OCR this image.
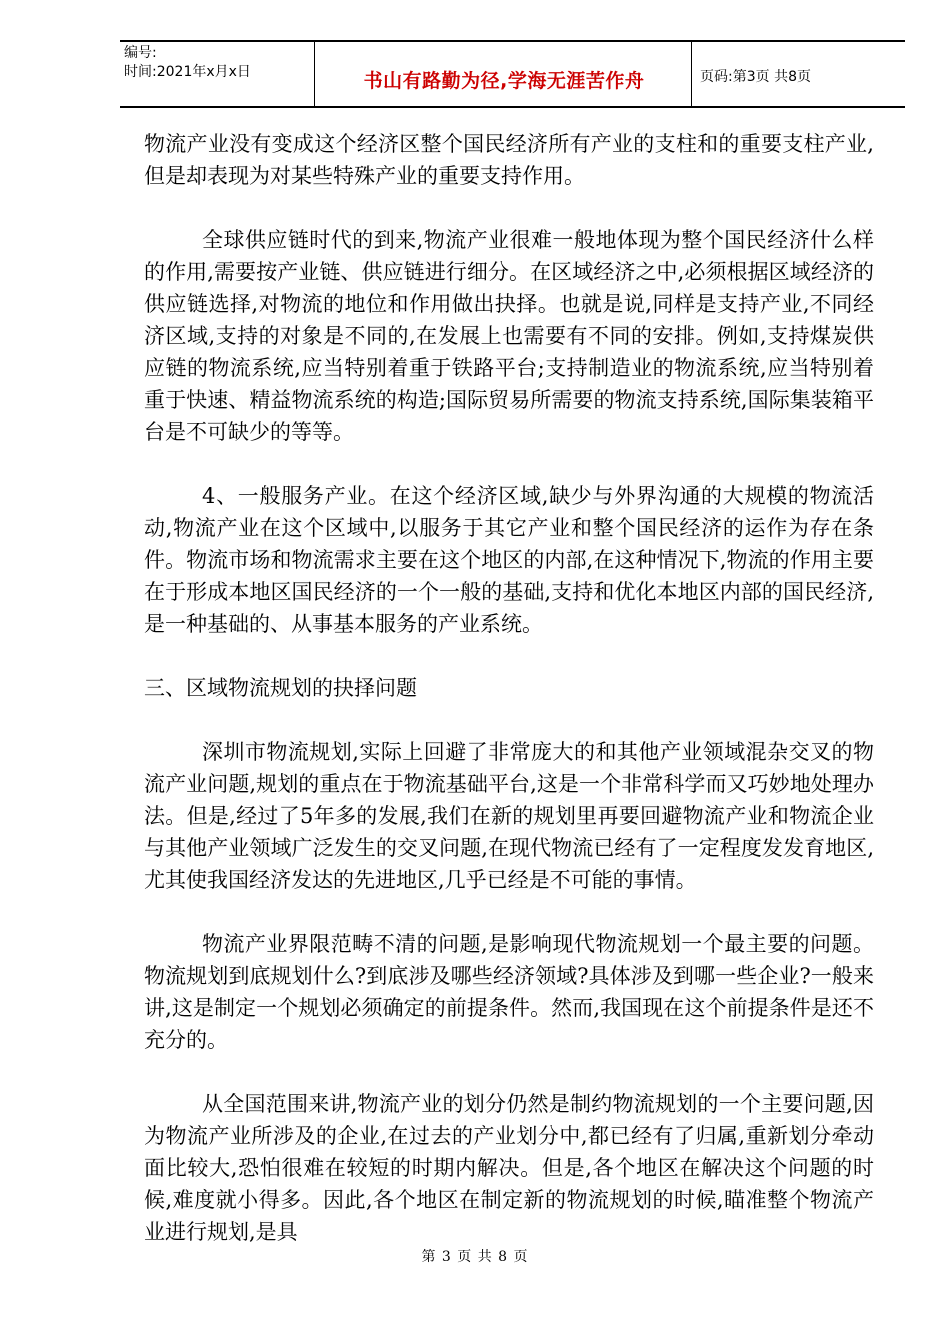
编号:
时间:2021年x月x日	书山有路勤为径,学海无涯苦作舟	页码:第3页 共8页

物流产业没有变成这个经济区整个国民经济所有产业的支柱和的重要支柱产业,但是却表现为对某些特殊产业的重要支持作用。

全球供应链时代的到来,物流产业很难一般地体现为整个国民经济什么样的作用,需要按产业链、供应链进行细分。在区域经济之中,必须根据区域经济的供应链选择,对物流的地位和作用做出抉择。也就是说,同样是支持产业,不同经济区域,支持的对象是不同的,在发展上也需要有不同的安排。例如,支持煤炭供应链的物流系统,应当特别着重于铁路平台;支持制造业的物流系统,应当特别着重于快速、精益物流系统的构造;国际贸易所需要的物流支持系统,国际集装箱平台是不可缺少的等等。

4、一般服务产业。在这个经济区域,缺少与外界沟通的大规模的物流活动,物流产业在这个区域中,以服务于其它产业和整个国民经济的运作为存在条件。物流市场和物流需求主要在这个地区的内部,在这种情况下,物流的作用主要在于形成本地区国民经济的一个一般的基础,支持和优化本地区内部的国民经济,是一种基础的、从事基本服务的产业系统。

三、区域物流规划的抉择问题

深圳市物流规划,实际上回避了非常庞大的和其他产业领域混杂交叉的物流产业问题,规划的重点在于物流基础平台,这是一个非常科学而又巧妙地处理办法。但是,经过了5年多的发展,我们在新的规划里再要回避物流产业和物流企业与其他产业领域广泛发生的交叉问题,在现代物流已经有了一定程度发发育地区,尤其使我国经济发达的先进地区,几乎已经是不可能的事情。

物流产业界限范畴不清的问题,是影响现代物流规划一个最主要的问题。物流规划到底规划什么?到底涉及哪些经济领域?具体涉及到哪一些企业?一般来讲,这是制定一个规划必须确定的前提条件。然而,我国现在这个前提条件是还不充分的。

从全国范围来讲,物流产业的划分仍然是制约物流规划的一个主要问题,因为物流产业所涉及的企业,在过去的产业划分中,都已经有了归属,重新划分牵动面比较大,恐怕很难在较短的时期内解决。但是,各个地区在解决这个问题的时候,难度就小得多。因此,各个地区在制定新的物流规划的时候,瞄准整个物流产业进行规划,是具

第 3 页 共 8 页
